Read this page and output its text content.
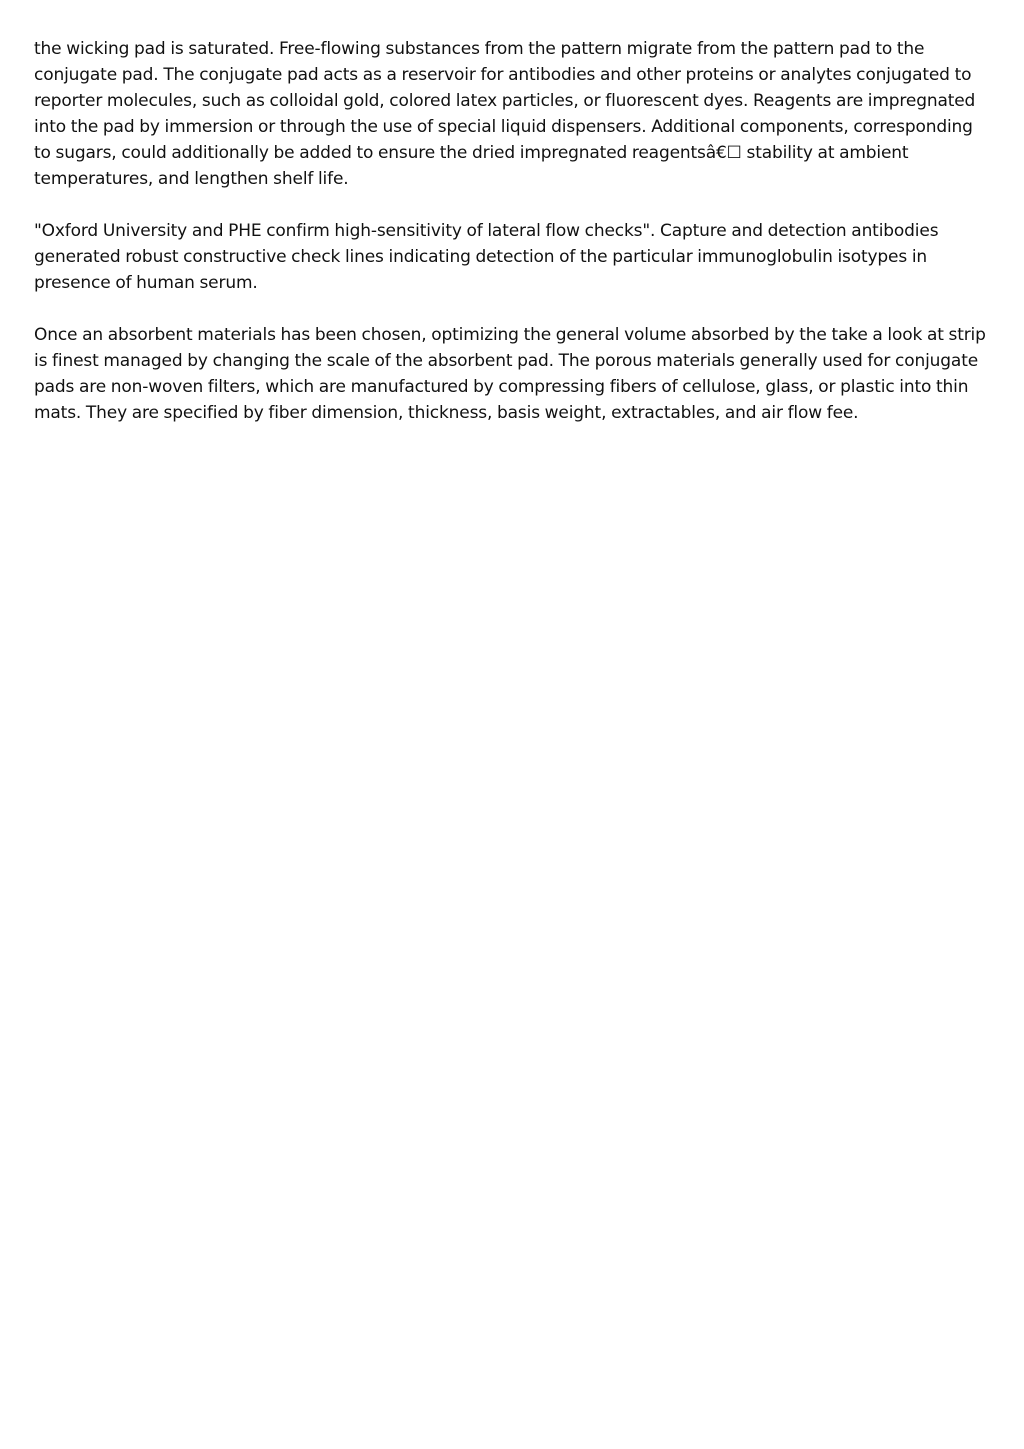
the wicking pad is saturated. Free-flowing substances from the pattern migrate from the pattern pad to the conjugate pad. The conjugate pad acts as a reservoir for antibodies and other proteins or analytes conjugated to reporter molecules, such as colloidal gold, colored latex particles, or fluorescent dyes. Reagents are impregnated into the pad by immersion or through the use of special liquid dispensers. Additional components, corresponding to sugars, could additionally be added to ensure the dried impregnated reagentsâ€☐ stability at ambient temperatures, and lengthen shelf life.

"Oxford University and PHE confirm high-sensitivity of lateral flow checks". Capture and detection antibodies generated robust constructive check lines indicating detection of the particular immunoglobulin isotypes in presence of human serum.

Once an absorbent materials has been chosen, optimizing the general volume absorbed by the take a look at strip is finest managed by changing the scale of the absorbent pad. The porous materials generally used for conjugate pads are non-woven filters, which are manufactured by compressing fibers of cellulose, glass, or plastic into thin mats. They are specified by fiber dimension, thickness, basis weight, extractables, and air flow fee.
